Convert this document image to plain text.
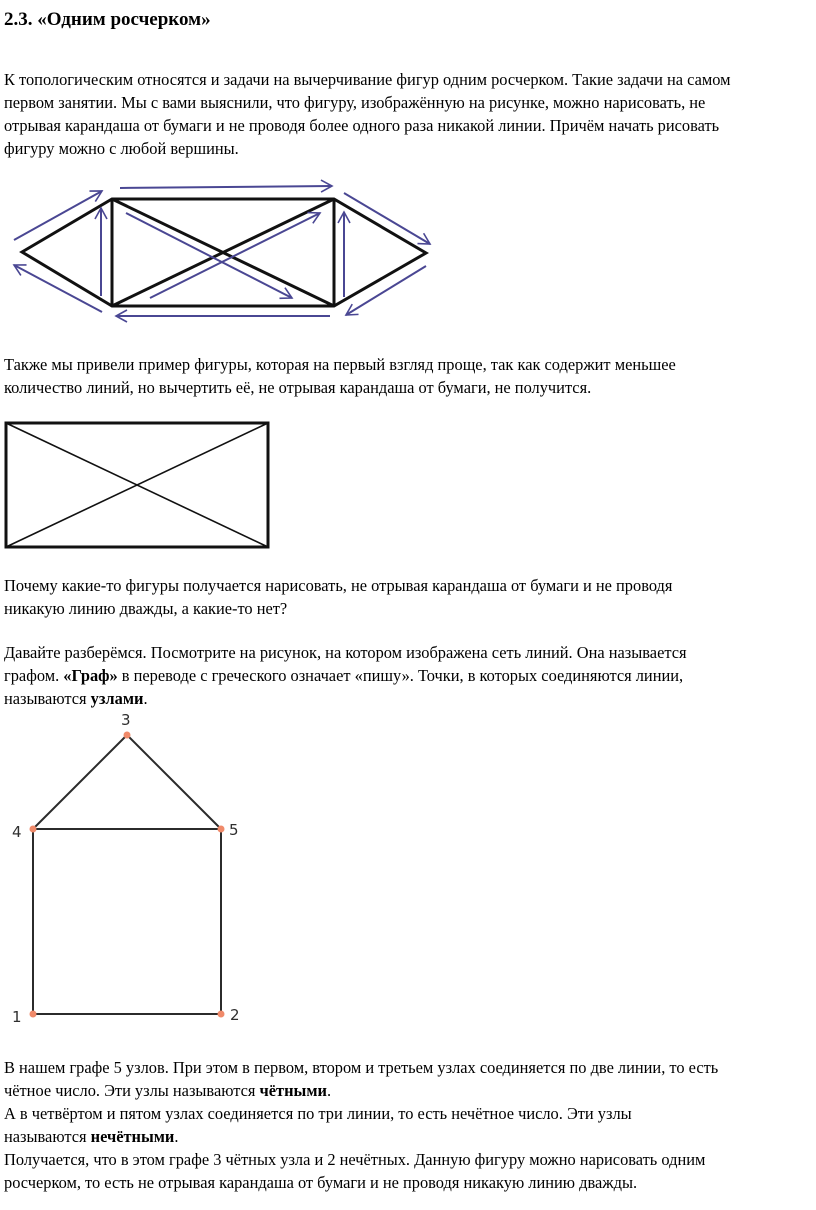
2.3. «Одним росчерком»
К топологическим относятся и задачи на вычерчивание фигур одним росчерком. Такие задачи на самом
первом занятии. Мы с вами выяснили, что фигуру, изображённую на рисунке, можно нарисовать, не
отрывая карандаша от бумаги и не проводя более одного раза никакой линии. Причём начать рисовать
фигуру можно с любой вершины.
Также мы привели пример фигуры, которая на первый взгляд проще, так как содержит меньшее
количество линий, но вычертить её, не отрывая карандаша от бумаги, не получится.
Почему какие-то фигуры получается нарисовать, не отрывая карандаша от бумаги и не проводя
никакую линию дважды, а какие-то нет?
Давайте разберёмся. Посмотрите на рисунок, на котором изображена сеть линий. Она называется
графом. «Граф» в переводе с греческого означает «пишу». Точки, в которых соединяются линии,
называются узлами.
1	2
3
4	5
В нашем графе 5 узлов. При этом в первом, втором и третьем узлах соединяется по две линии, то есть
чётное число. Эти узлы называются чётными.
А в четвёртом и пятом узлах соединяется по три линии, то есть нечётное число. Эти узлы
называются нечётными.
Получается, что в этом графе 3 чётных узла и 2 нечётных. Данную фигуру можно нарисовать одним
росчерком, то есть не отрывая карандаша от бумаги и не проводя никакую линию дважды.
